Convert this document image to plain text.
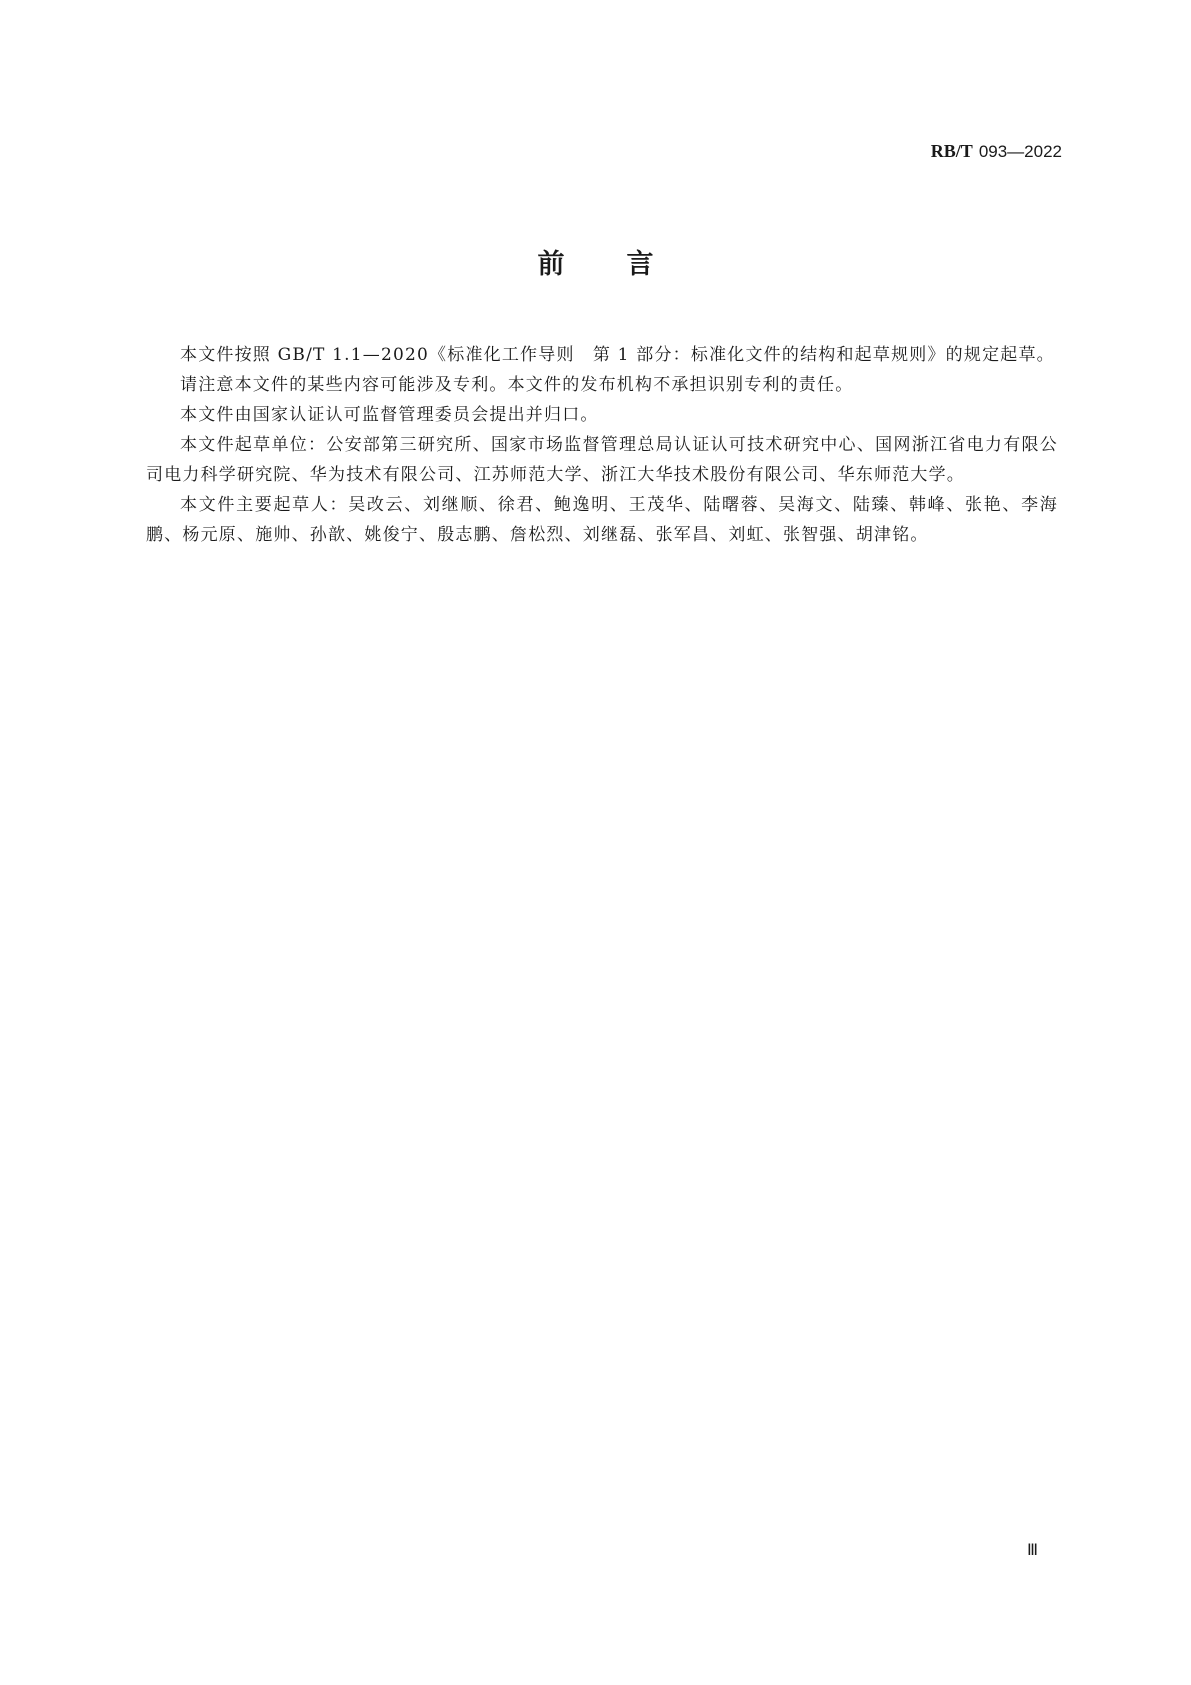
RB/T 093—2022
前 言

本文件按照 GB/T 1.1—2020《标准化工作导则　第 1 部分：标准化文件的结构和起草规则》的规定起草。

请注意本文件的某些内容可能涉及专利。本文件的发布机构不承担识别专利的责任。

本文件由国家认证认可监督管理委员会提出并归口。

本文件起草单位：公安部第三研究所、国家市场监督管理总局认证认可技术研究中心、国网浙江省电力有限公司电力科学研究院、华为技术有限公司、江苏师范大学、浙江大华技术股份有限公司、华东师范大学。

本文件主要起草人：吴改云、刘继顺、徐君、鲍逸明、王茂华、陆曙蓉、吴海文、陆臻、韩峰、张艳、李海鹏、杨元原、施帅、孙歆、姚俊宁、殷志鹏、詹松烈、刘继磊、张军昌、刘虹、张智强、胡津铭。

Ⅲ
